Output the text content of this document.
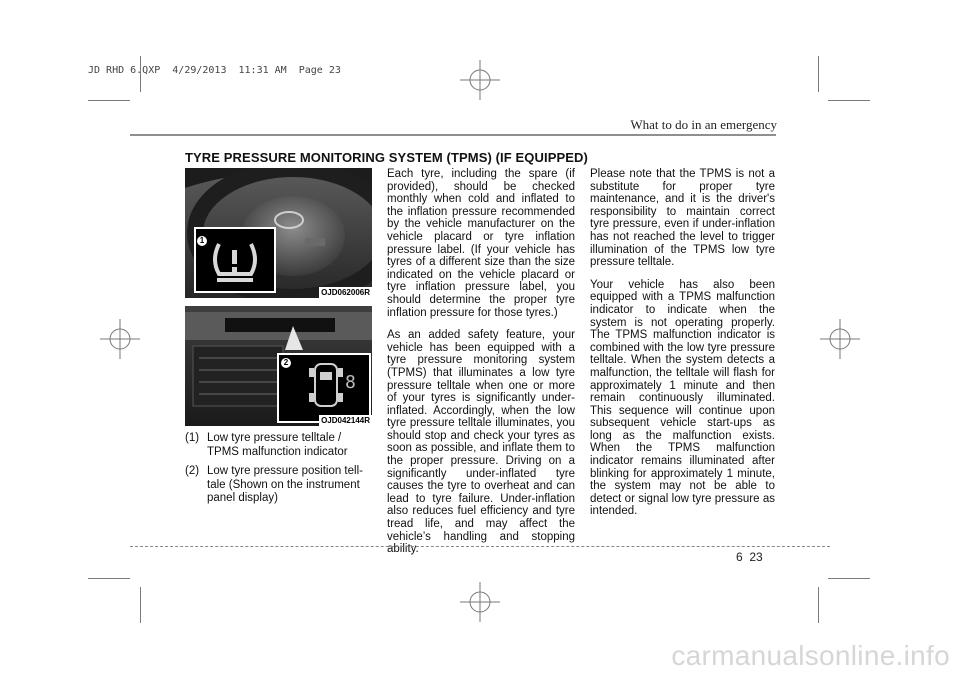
JD RHD 6.QXP  4/29/2013  11:31 AM  Page 23
What to do in an emergency
TYRE PRESSURE MONITORING SYSTEM (TPMS) (IF EQUIPPED)
1
OJD062006R
8
2
OJD042144R
(1) Low tyre pressure telltale /
TPMS malfunction indicator
(2) Low tyre pressure position tell-
tale (Shown on the instrument
panel display)

Each tyre, including the spare (if provided), should be checked monthly when cold and inflated to the inflation pressure recommended by the vehicle manufacturer on the vehicle placard or tyre inflation pressure label. (If your vehicle has tyres of a different size than the size indicated on the vehicle placard or tyre inflation pressure label, you should determine the proper tyre inflation pressure for those tyres.)

As an added safety feature, your vehicle has been equipped with a tyre pressure monitoring system (TPMS) that illuminates a low tyre pressure telltale when one or more of your tyres is significantly under-inflated. Accordingly, when the low tyre pressure telltale illuminates, you should stop and check your tyres as soon as possible, and inflate them to the proper pressure. Driving on a significantly under-inflated tyre causes the tyre to overheat and can lead to tyre failure. Under-inflation also reduces fuel efficiency and tyre tread life, and may affect the vehicle’s handling and stopping ability.

Please note that the TPMS is not a substitute for proper tyre maintenance, and it is the driver's responsibility to maintain correct tyre pressure, even if under-inflation has not reached the level to trigger illumination of the TPMS low tyre pressure telltale.

Your vehicle has also been equipped with a TPMS malfunction indicator to indicate when the system is not operating properly. The TPMS malfunction indicator is combined with the low tyre pressure telltale. When the system detects a malfunction, the telltale will flash for approximately 1 minute and then remain continuously illuminated. This sequence will continue upon subsequent vehicle start-ups as long as the malfunction exists. When the TPMS malfunction indicator remains illuminated after blinking for approximately 1 minute, the system may not be able to detect or signal low tyre pressure as intended.

6  23
carmanualsonline.info
